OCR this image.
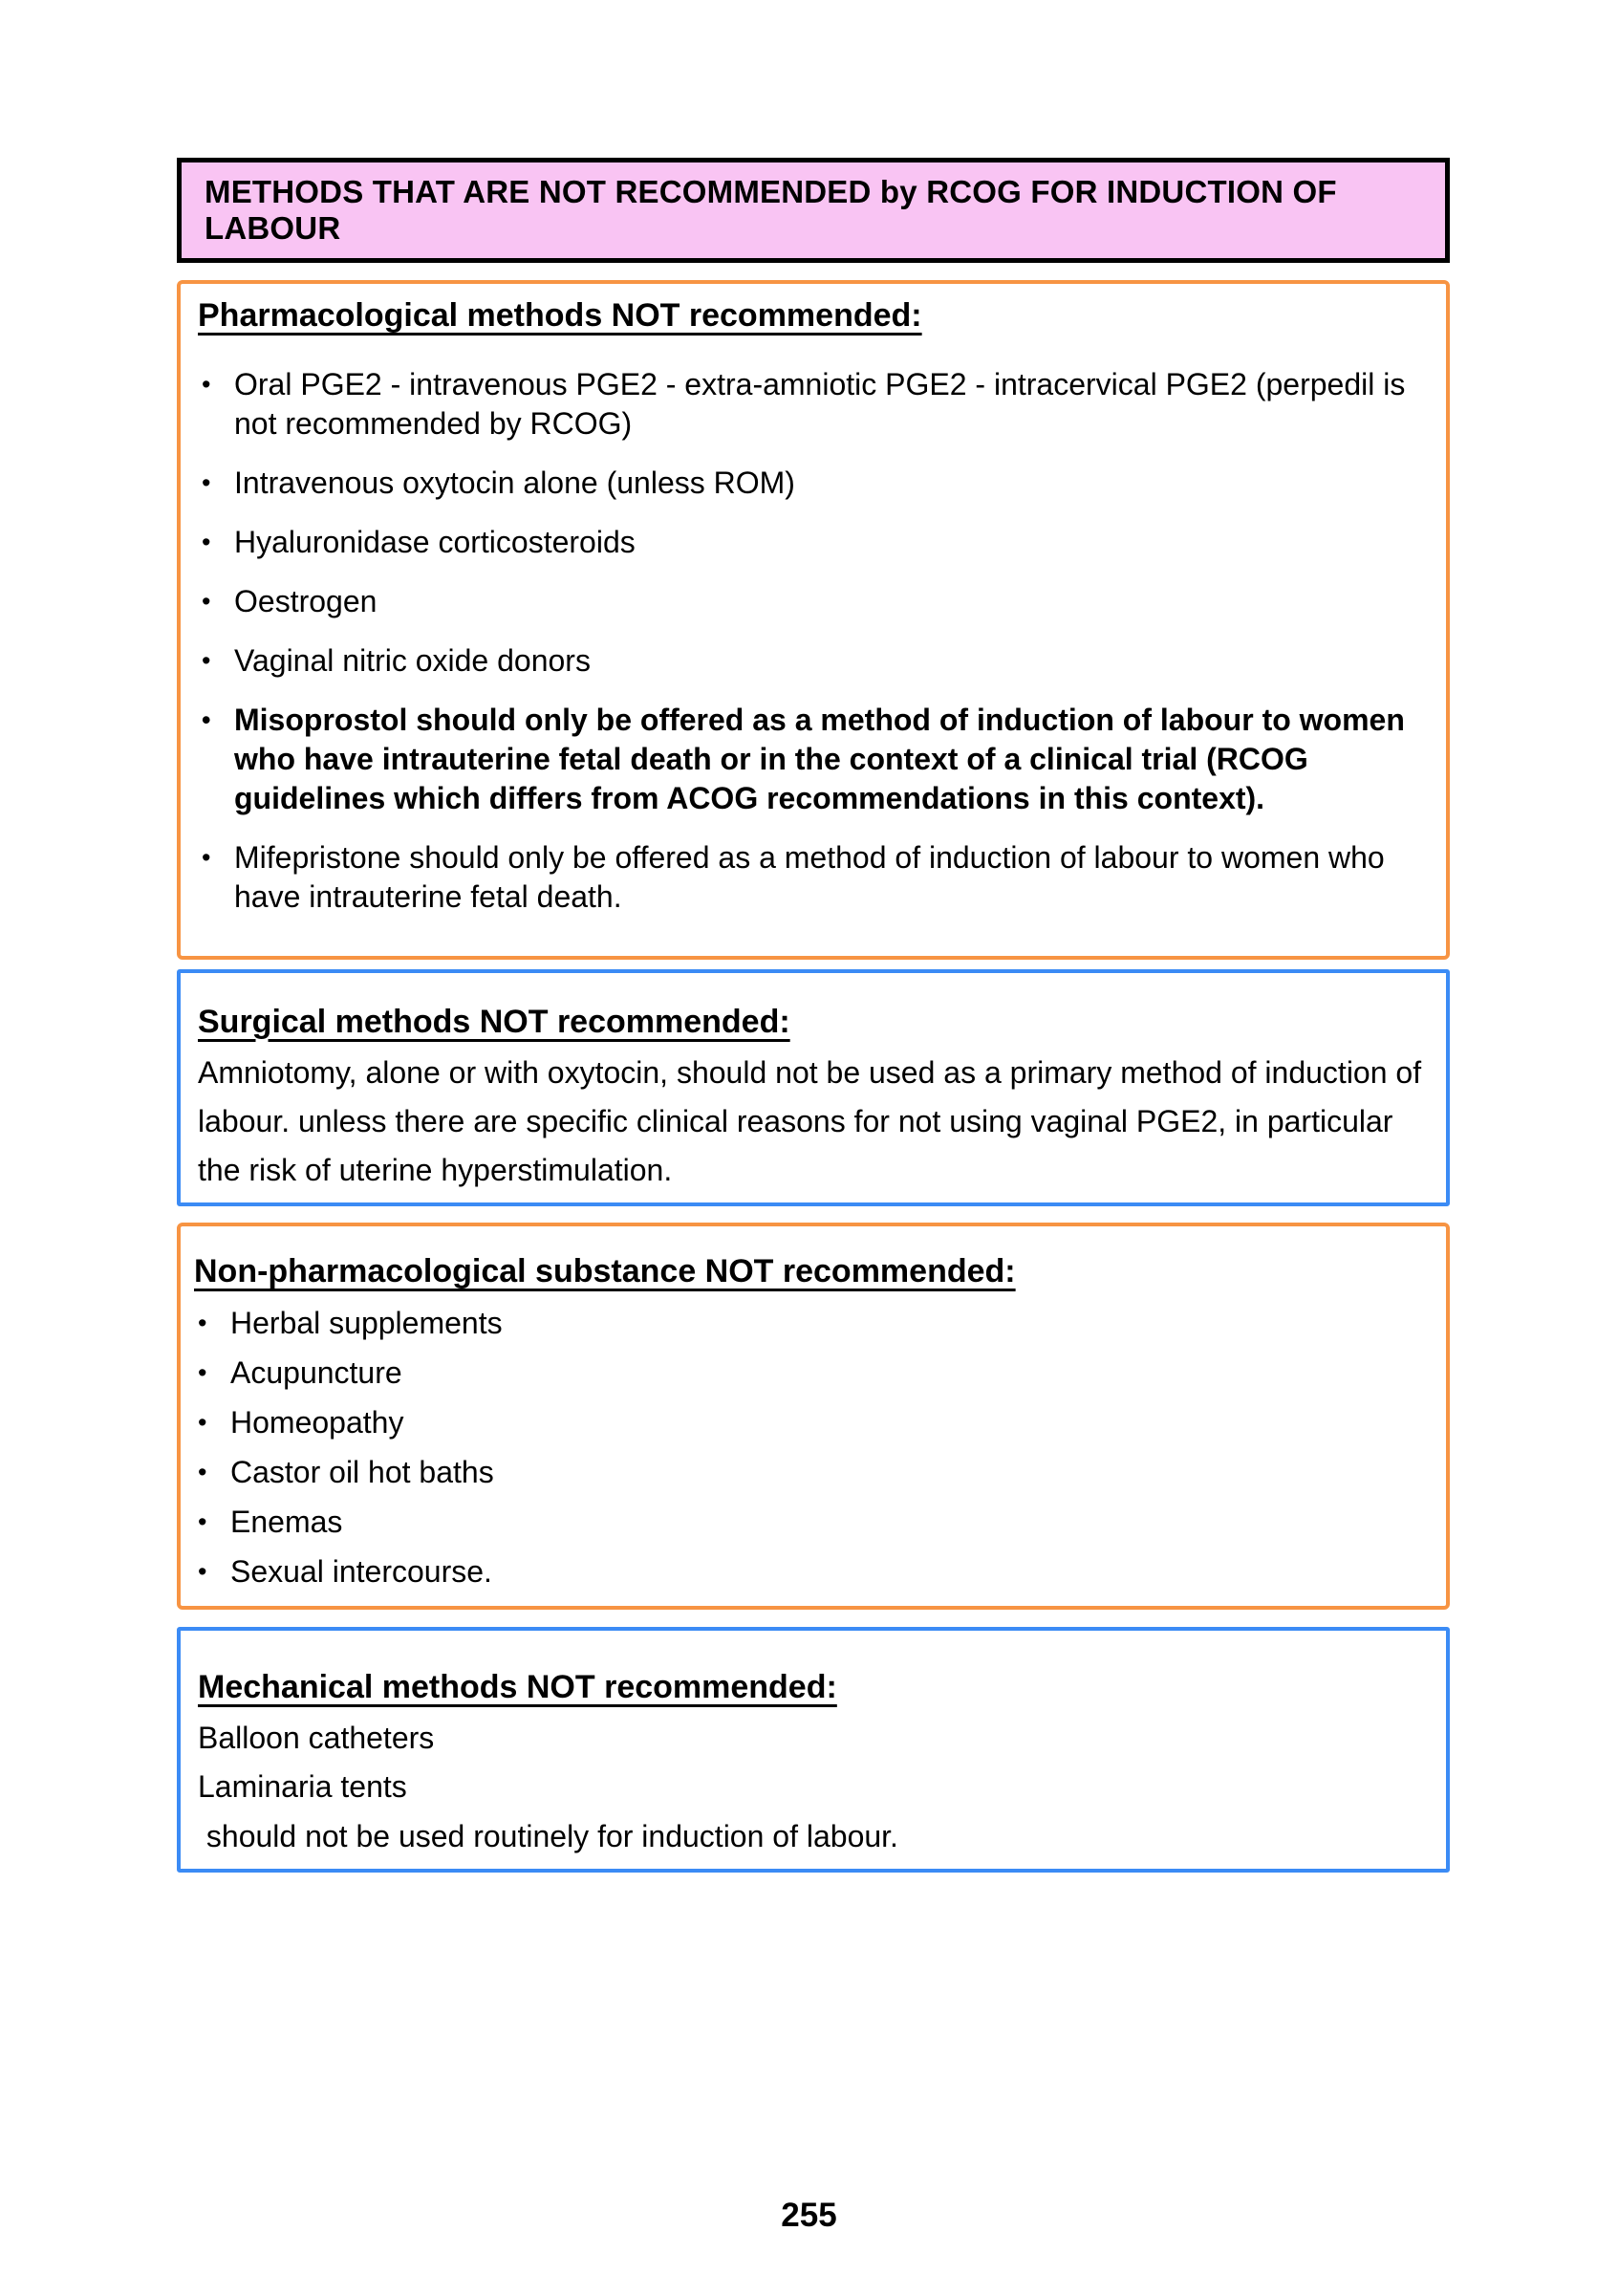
METHODS THAT ARE NOT RECOMMENDED by RCOG FOR INDUCTION OF LABOUR
Pharmacological methods NOT recommended:
• Oral PGE2 - intravenous PGE2 - extra-amniotic PGE2 - intracervical PGE2 (perpedil is not recommended by RCOG)
• Intravenous oxytocin alone (unless ROM)
• Hyaluronidase corticosteroids
• Oestrogen
• Vaginal nitric oxide donors
• Misoprostol should only be offered as a method of induction of labour to women who have intrauterine fetal death or in the context of a clinical trial (RCOG guidelines which differs from ACOG recommendations in this context).
• Mifepristone should only be offered as a method of induction of labour to women who have intrauterine fetal death.
Surgical methods NOT recommended:

Amniotomy, alone or with oxytocin, should not be used as a primary method of induction of labour. unless there are specific clinical reasons for not using vaginal PGE2, in particular the risk of uterine hyperstimulation.

Non-pharmacological substance NOT recommended:
• Herbal supplements
• Acupuncture
• Homeopathy
• Castor oil hot baths
• Enemas
• Sexual intercourse.
Mechanical methods NOT recommended:

Balloon catheters

Laminaria tents

should not be used routinely for induction of labour.

255
